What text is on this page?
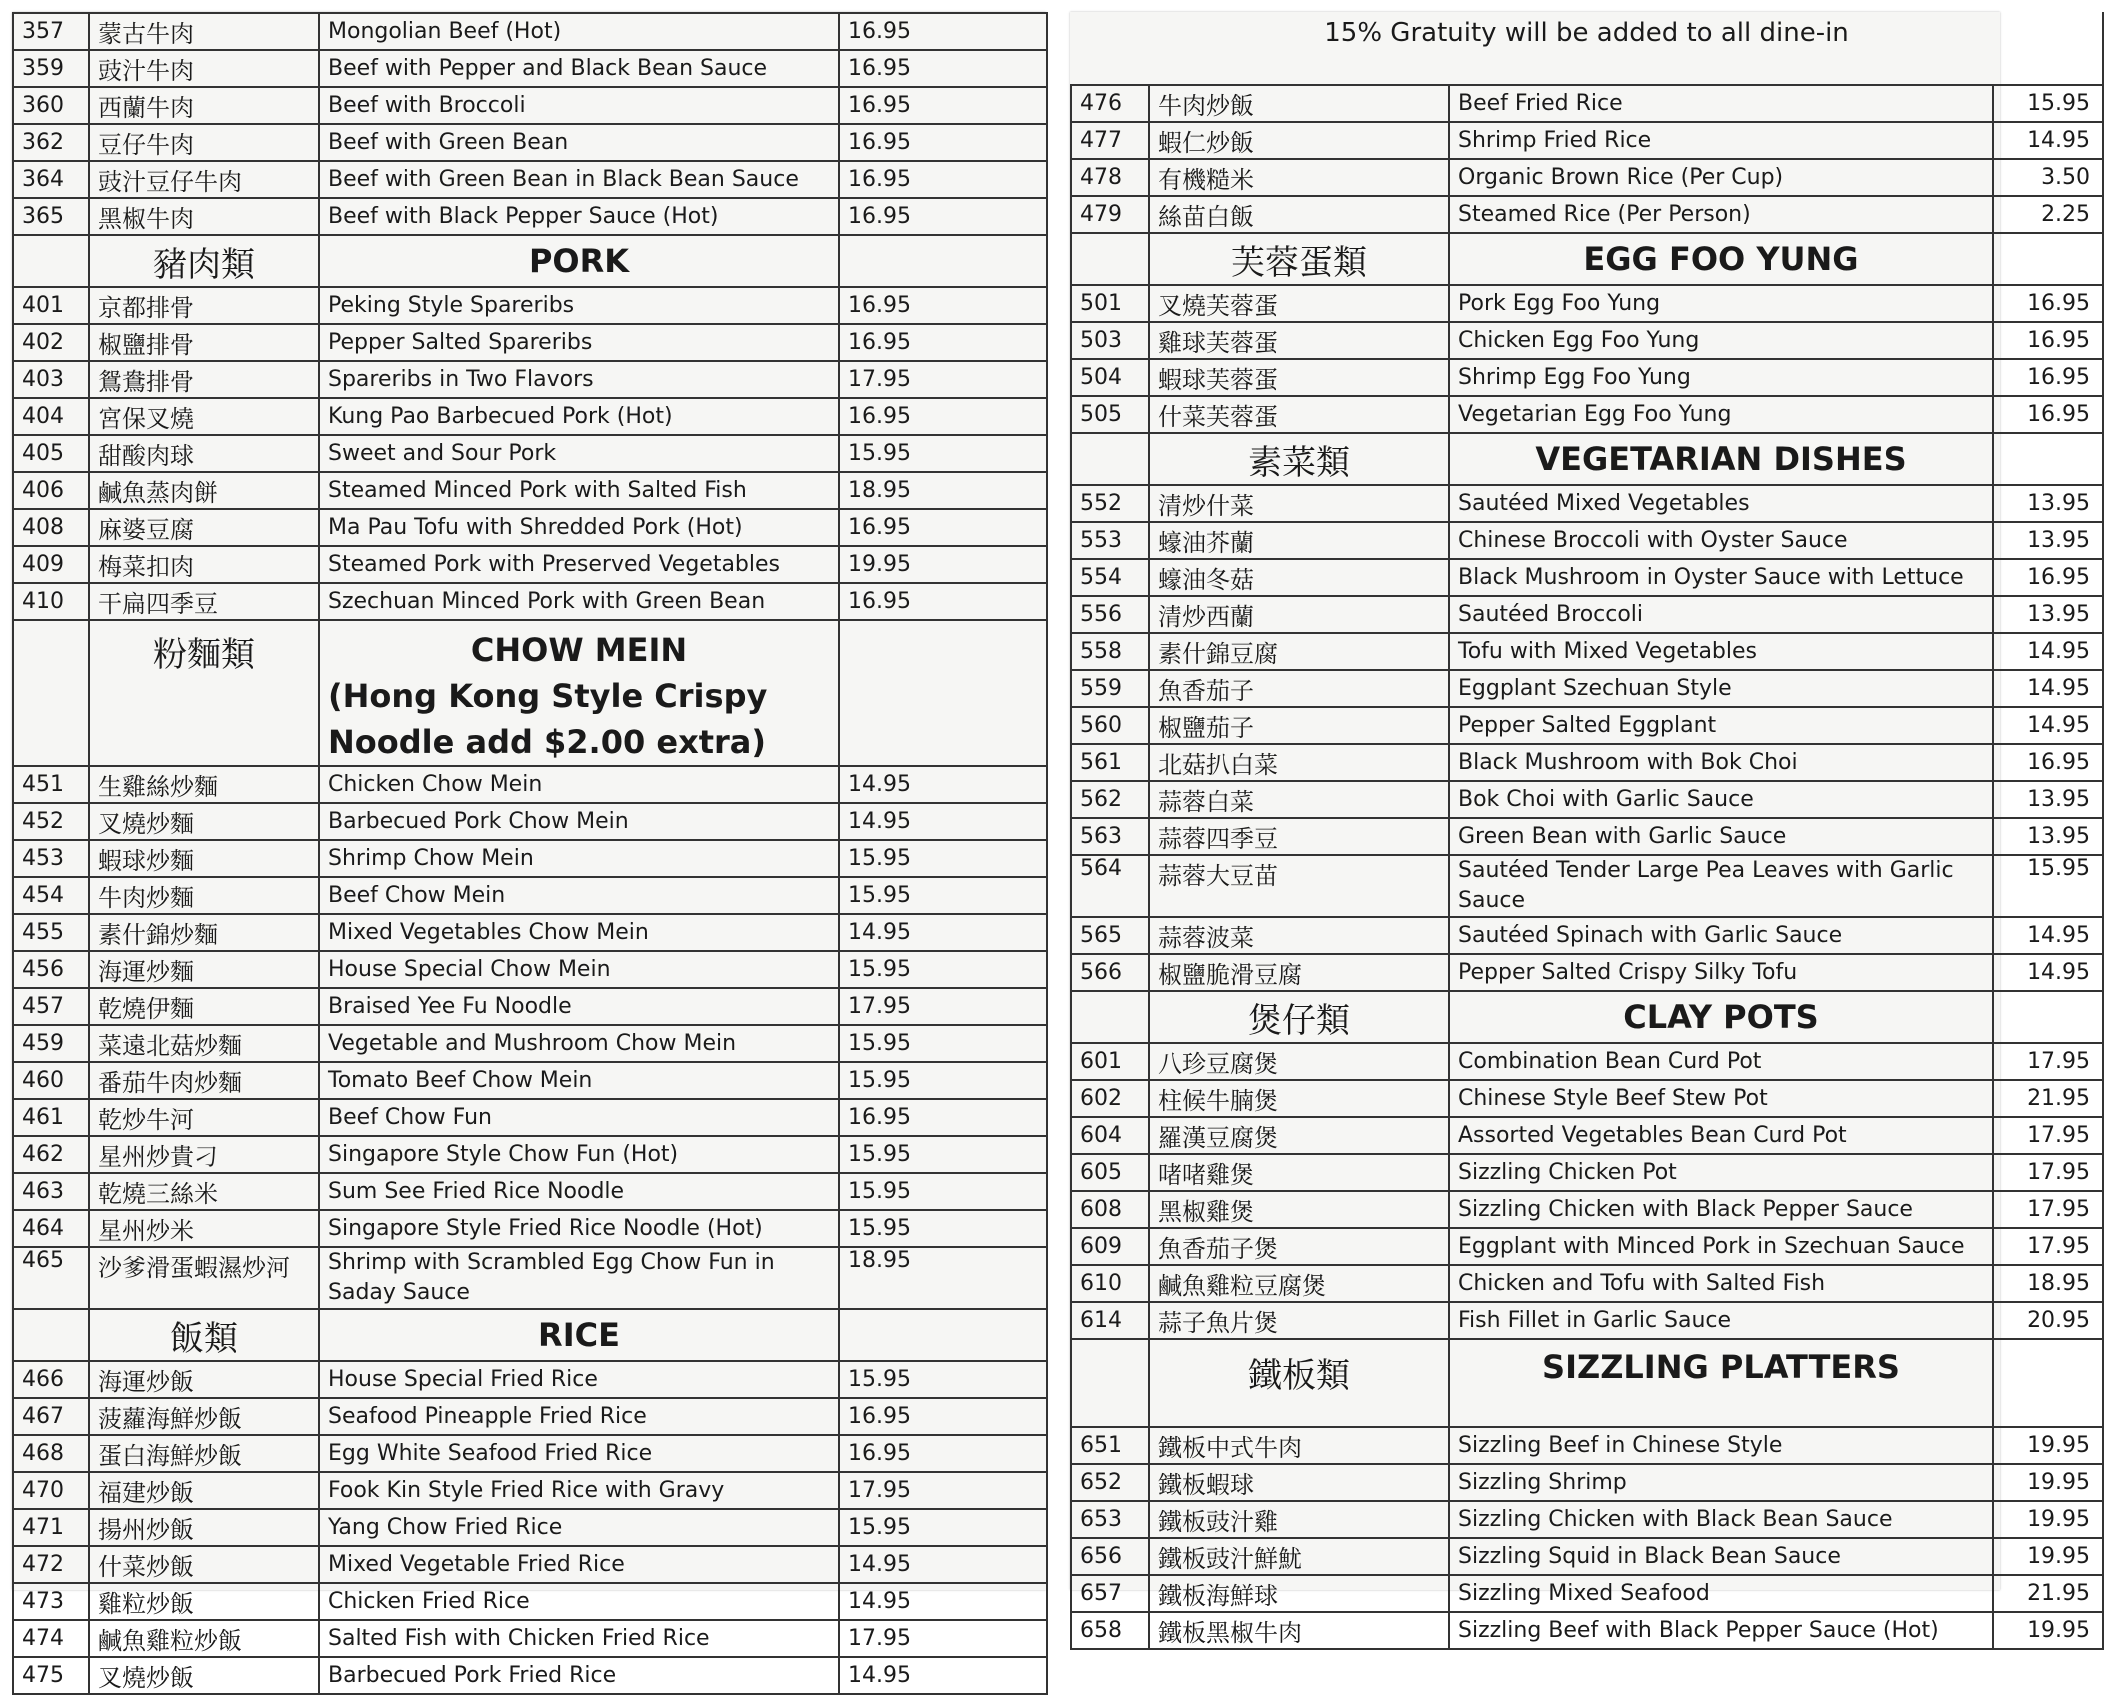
357	蒙古牛肉	Mongolian Beef (Hot)	16.95
359	豉汁牛肉	Beef with Pepper and Black Bean Sauce	16.95
360	西蘭牛肉	Beef with Broccoli	16.95
362	豆仔牛肉	Beef with Green Bean	16.95
364	豉汁豆仔牛肉	Beef with Green Bean in Black Bean Sauce	16.95
365	黑椒牛肉	Beef with Black Pepper Sauce (Hot)	16.95
	豬肉類	PORK	

401	京都排骨	Peking Style Spareribs	16.95
402	椒鹽排骨	Pepper Salted Spareribs	16.95
403	鴛鴦排骨	Spareribs in Two Flavors	17.95
404	宮保叉燒	Kung Pao Barbecued Pork (Hot)	16.95
405	甜酸肉球	Sweet and Sour Pork	15.95
406	鹹魚蒸肉餅	Steamed Minced Pork with Salted Fish	18.95
408	麻婆豆腐	Ma Pau Tofu with Shredded Pork (Hot)	16.95
409	梅菜扣肉	Steamed Pork with Preserved Vegetables	19.95
410	干扁四季豆	Szechuan Minced Pork with Green Bean	16.95
	粉麵類	CHOW MEIN
(Hong Kong Style Crispy Noodle add $2.00 extra)	

451	生雞絲炒麵	Chicken Chow Mein	14.95
452	叉燒炒麵	Barbecued Pork Chow Mein	14.95
453	蝦球炒麵	Shrimp Chow Mein	15.95
454	牛肉炒麵	Beef Chow Mein	15.95
455	素什錦炒麵	Mixed Vegetables Chow Mein	14.95
456	海運炒麵	House Special Chow Mein	15.95
457	乾燒伊麵	Braised Yee Fu Noodle	17.95
459	菜遠北菇炒麵	Vegetable and Mushroom Chow Mein	15.95
460	番茄牛肉炒麵	Tomato Beef Chow Mein	15.95
461	乾炒牛河	Beef Chow Fun	16.95
462	星州炒貴刁	Singapore Style Chow Fun (Hot)	15.95
463	乾燒三絲米	Sum See Fried Rice Noodle	15.95
464	星州炒米	Singapore Style Fried Rice Noodle (Hot)	15.95
465	沙爹滑蛋蝦濕炒河	Shrimp with Scrambled Egg Chow Fun in Saday Sauce	18.95
	飯類	RICE	

466	海運炒飯	House Special Fried Rice	15.95
467	菠蘿海鮮炒飯	Seafood Pineapple Fried Rice	16.95
468	蛋白海鮮炒飯	Egg White Seafood Fried Rice	16.95
470	福建炒飯	Fook Kin Style Fried Rice with Gravy	17.95
471	揚州炒飯	Yang Chow Fried Rice	15.95
472	什菜炒飯	Mixed Vegetable Fried Rice	14.95
473	雞粒炒飯	Chicken Fried Rice	14.95
474	鹹魚雞粒炒飯	Salted Fish with Chicken Fried Rice	17.95
475	叉燒炒飯	Barbecued Pork Fried Rice	14.95
15% Gratuity will be added to all dine-in			
476	牛肉炒飯	Beef Fried Rice	15.95
477	蝦仁炒飯	Shrimp Fried Rice	14.95
478	有機糙米	Organic Brown Rice (Per Cup)	3.50
479	絲苗白飯	Steamed Rice (Per Person)	2.25
	芙蓉蛋類	EGG FOO YUNG	

501	叉燒芙蓉蛋	Pork Egg Foo Yung	16.95
503	雞球芙蓉蛋	Chicken Egg Foo Yung	16.95
504	蝦球芙蓉蛋	Shrimp Egg Foo Yung	16.95
505	什菜芙蓉蛋	Vegetarian Egg Foo Yung	16.95
	素菜類	VEGETARIAN DISHES	

552	清炒什菜	Sautéed Mixed Vegetables	13.95
553	蠔油芥蘭	Chinese Broccoli with Oyster Sauce	13.95
554	蠔油冬菇	Black Mushroom in Oyster Sauce with Lettuce	16.95
556	清炒西蘭	Sautéed Broccoli	13.95
558	素什錦豆腐	Tofu with Mixed Vegetables	14.95
559	魚香茄子	Eggplant Szechuan Style	14.95
560	椒鹽茄子	Pepper Salted Eggplant	14.95
561	北菇扒白菜	Black Mushroom with Bok Choi	16.95
562	蒜蓉白菜	Bok Choi with Garlic Sauce	13.95
563	蒜蓉四季豆	Green Bean with Garlic Sauce	13.95
564	蒜蓉大豆苗	Sautéed Tender Large Pea Leaves with Garlic Sauce	15.95
565	蒜蓉波菜	Sautéed Spinach with Garlic Sauce	14.95
566	椒鹽脆滑豆腐	Pepper Salted Crispy Silky Tofu	14.95
	煲仔類	CLAY POTS	

601	八珍豆腐煲	Combination Bean Curd Pot	17.95
602	柱候牛腩煲	Chinese Style Beef Stew Pot	21.95
604	羅漢豆腐煲	Assorted Vegetables Bean Curd Pot	17.95
605	啫啫雞煲	Sizzling Chicken Pot	17.95
608	黑椒雞煲	Sizzling Chicken with Black Pepper Sauce	17.95
609	魚香茄子煲	Eggplant with Minced Pork in Szechuan Sauce	17.95
610	鹹魚雞粒豆腐煲	Chicken and Tofu with Salted Fish	18.95
614	蒜子魚片煲	Fish Fillet in Garlic Sauce	20.95
	鐵板類	SIZZLING PLATTERS	

651	鐵板中式牛肉	Sizzling Beef in Chinese Style	19.95
652	鐵板蝦球	Sizzling Shrimp	19.95
653	鐵板豉汁雞	Sizzling Chicken with Black Bean Sauce	19.95
656	鐵板豉汁鮮魷	Sizzling Squid in Black Bean Sauce	19.95
657	鐵板海鮮球	Sizzling Mixed Seafood	21.95
658	鐵板黑椒牛肉	Sizzling Beef with Black Pepper Sauce (Hot)	19.95
